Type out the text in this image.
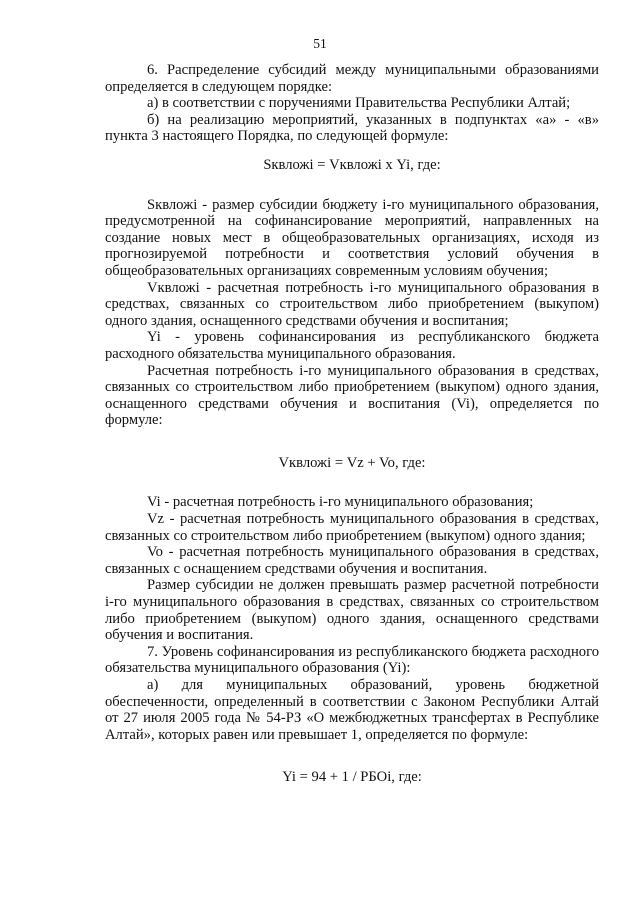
51

6. Распределение субсидий между муниципальными образованиями определяется в следующем порядке:

а) в соответствии с поручениями Правительства Республики Алтай;

б) на реализацию мероприятий, указанных в подпунктах «а» - «в» пункта 3 настоящего Порядка, по следующей формуле:

Sквложі = Vквложі х Yi, где:

Sквложі - размер субсидии бюджету i-го муниципального образования, предусмотренной на софинансирование мероприятий, направленных на создание новых мест в общеобразовательных организациях, исходя из прогнозируемой потребности и соответствия условий обучения в общеобразовательных организациях современным условиям обучения;

Vквложі - расчетная потребность i-го муниципального образования в средствах, связанных со строительством либо приобретением (выкупом) одного здания, оснащенного средствами обучения и воспитания;

Yi - уровень софинансирования из республиканского бюджета расходного обязательства муниципального образования.

Расчетная потребность i-го муниципального образования в средствах, связанных со строительством либо приобретением (выкупом) одного здания, оснащенного средствами обучения и воспитания (Vi), определяется по формуле:

Vквложі = Vz + Vo, где:

Vi - расчетная потребность i-го муниципального образования;

Vz - расчетная потребность муниципального образования в средствах, связанных со строительством либо приобретением (выкупом) одного здания;

Vo - расчетная потребность муниципального образования в средствах, связанных с оснащением средствами обучения и воспитания.

Размер субсидии не должен превышать размер расчетной потребности i-го муниципального образования в средствах, связанных со строительством либо приобретением (выкупом) одного здания, оснащенного средствами обучения и воспитания.

7. Уровень софинансирования из республиканского бюджета расходного обязательства муниципального образования (Yi):

а) для муниципальных образований, уровень бюджетной обеспеченности, определенный в соответствии с Законом Республики Алтай от 27 июля 2005 года № 54-РЗ «О межбюджетных трансфертах в Республике Алтай», которых равен или превышает 1, определяется по формуле:

Yi = 94 + 1 / РБОi, где:
